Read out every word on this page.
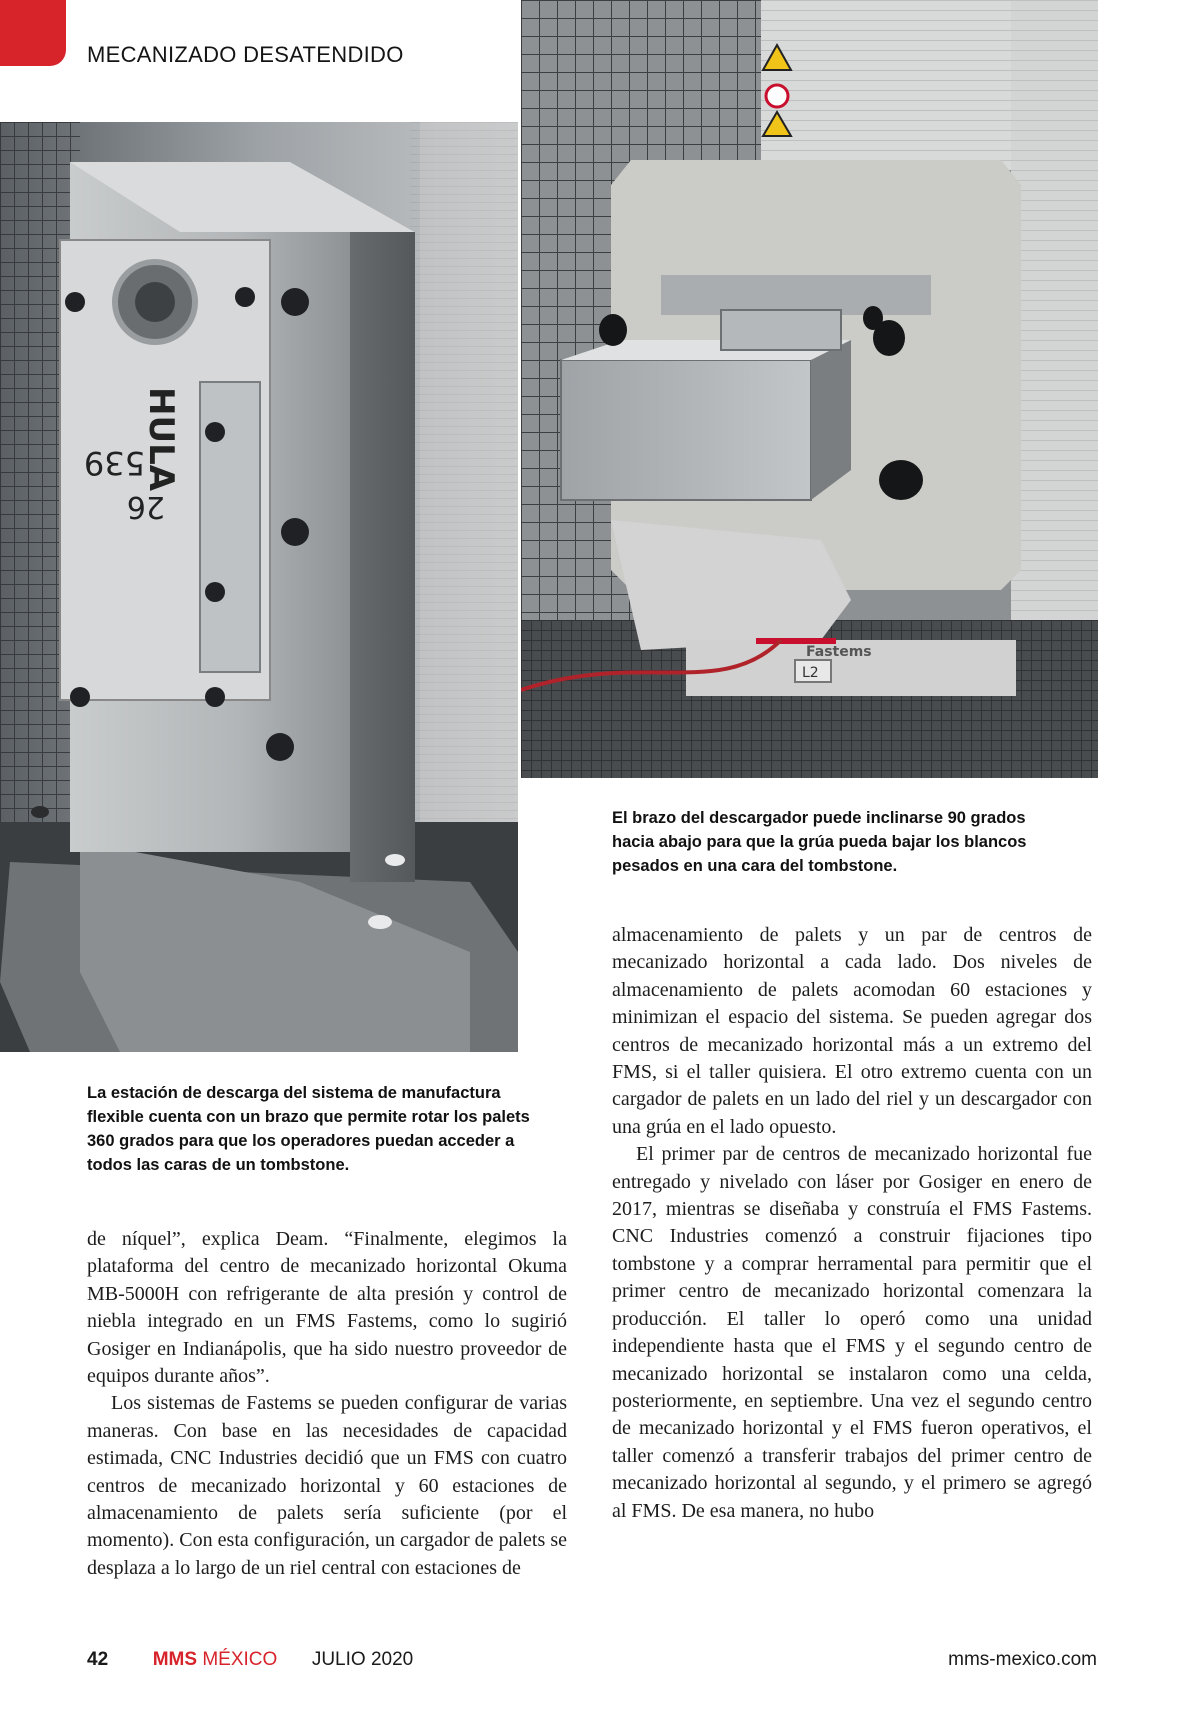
MECANIZADO DESATENDIDO
HULA
539
26
Fastems
L2

El brazo del descargador puede inclinarse 90 grados hacia abajo para que la grúa pueda bajar los blancos pesados en una cara del tombstone.

La estación de descarga del sistema de manufactura flexible cuenta con un brazo que permite rotar los palets 360 grados para que los operadores puedan acceder a todos las caras de un tombstone.

de níquel”, explica Deam. “Finalmente, elegimos la plataforma del centro de mecanizado horizontal Okuma MB-5000H con refrigerante de alta presión y control de niebla integrado en un FMS Fastems, como lo sugirió Gosiger en Indianápolis, que ha sido nuestro proveedor de equipos durante años”.

Los sistemas de Fastems se pueden configurar de varias maneras. Con base en las necesidades de capacidad estimada, CNC Industries decidió que un FMS con cuatro centros de mecanizado horizontal y 60 estaciones de almacenamiento de palets sería suficiente (por el momento). Con esta configuración, un cargador de palets se desplaza a lo largo de un riel central con estaciones de

almacenamiento de palets y un par de centros de mecanizado horizontal a cada lado. Dos niveles de almacenamiento de palets acomodan 60 estaciones y minimizan el espacio del sistema. Se pueden agregar dos centros de mecanizado horizontal más a un extremo del FMS, si el taller quisiera. El otro extremo cuenta con un cargador de palets en un lado del riel y un descargador con una grúa en el lado opuesto.

El primer par de centros de mecanizado horizontal fue entregado y nivelado con láser por Gosiger en enero de 2017, mientras se diseñaba y construía el FMS Fastems. CNC Industries comenzó a construir fijaciones tipo tombstone y a comprar herramental para permitir que el primer centro de mecanizado horizontal comenzara la producción. El taller lo operó como una unidad independiente hasta que el FMS y el segundo centro de mecanizado horizontal se instalaron como una celda, posteriormente, en septiembre. Una vez el segundo centro de mecanizado horizontal y el FMS fueron operativos, el taller comenzó a transferir trabajos del primer centro de mecanizado horizontal al segundo, y el primero se agregó al FMS. De esa manera, no hubo

42 MMS MÉXICO JULIO 2020	mms-mexico.com
